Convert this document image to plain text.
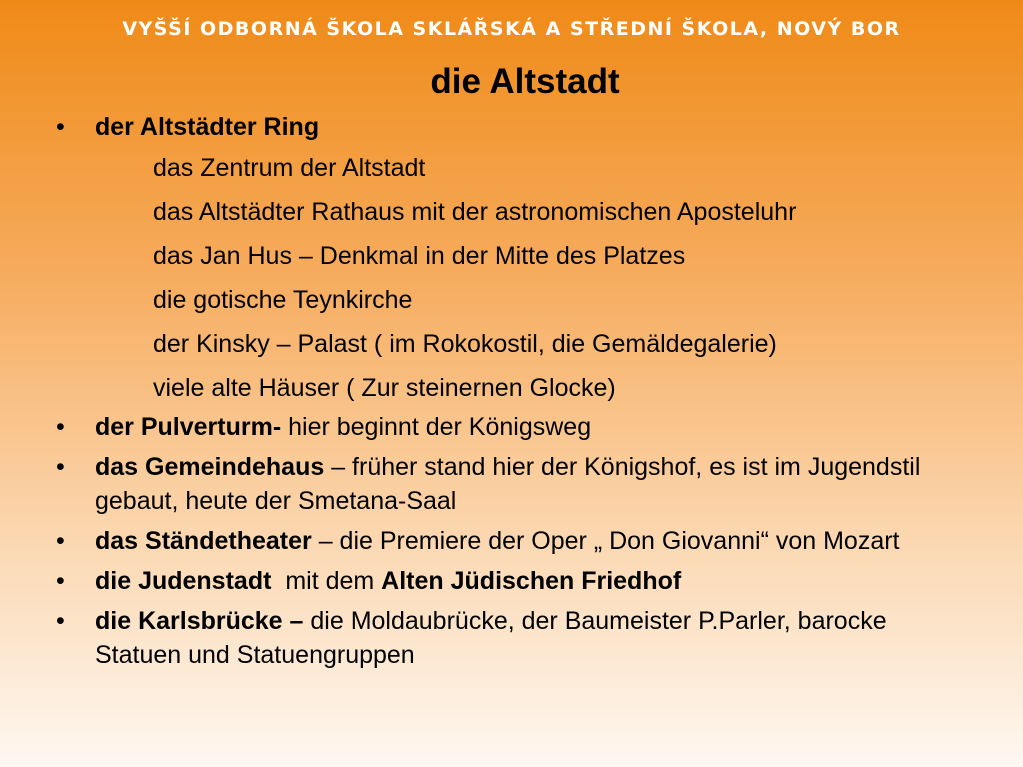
VYŠŠÍ ODBORNÁ ŠKOLA SKLÁŘSKÁ A STŘEDNÍ ŠKOLA, NOVÝ BOR
die Altstadt
• der Altstädter Ring
das Zentrum der Altstadt
das Altstädter Rathaus mit der astronomischen Aposteluhr
das Jan Hus – Denkmal in der Mitte des Platzes
die gotische Teynkirche
der Kinsky – Palast ( im Rokokostil, die Gemäldegalerie)
viele alte Häuser ( Zur steinernen Glocke)
• der Pulverturm- hier beginnt der Königsweg
• das Gemeindehaus – früher stand hier der Königshof, es ist im Jugendstil gebaut, heute der Smetana-Saal
• das Ständetheater – die Premiere der Oper „ Don Giovanni“ von Mozart
• die Judenstadt  mit dem Alten Jüdischen Friedhof
• die Karlsbrücke – die Moldaubrücke, der Baumeister P.Parler, barocke Statuen und Statuengruppen
